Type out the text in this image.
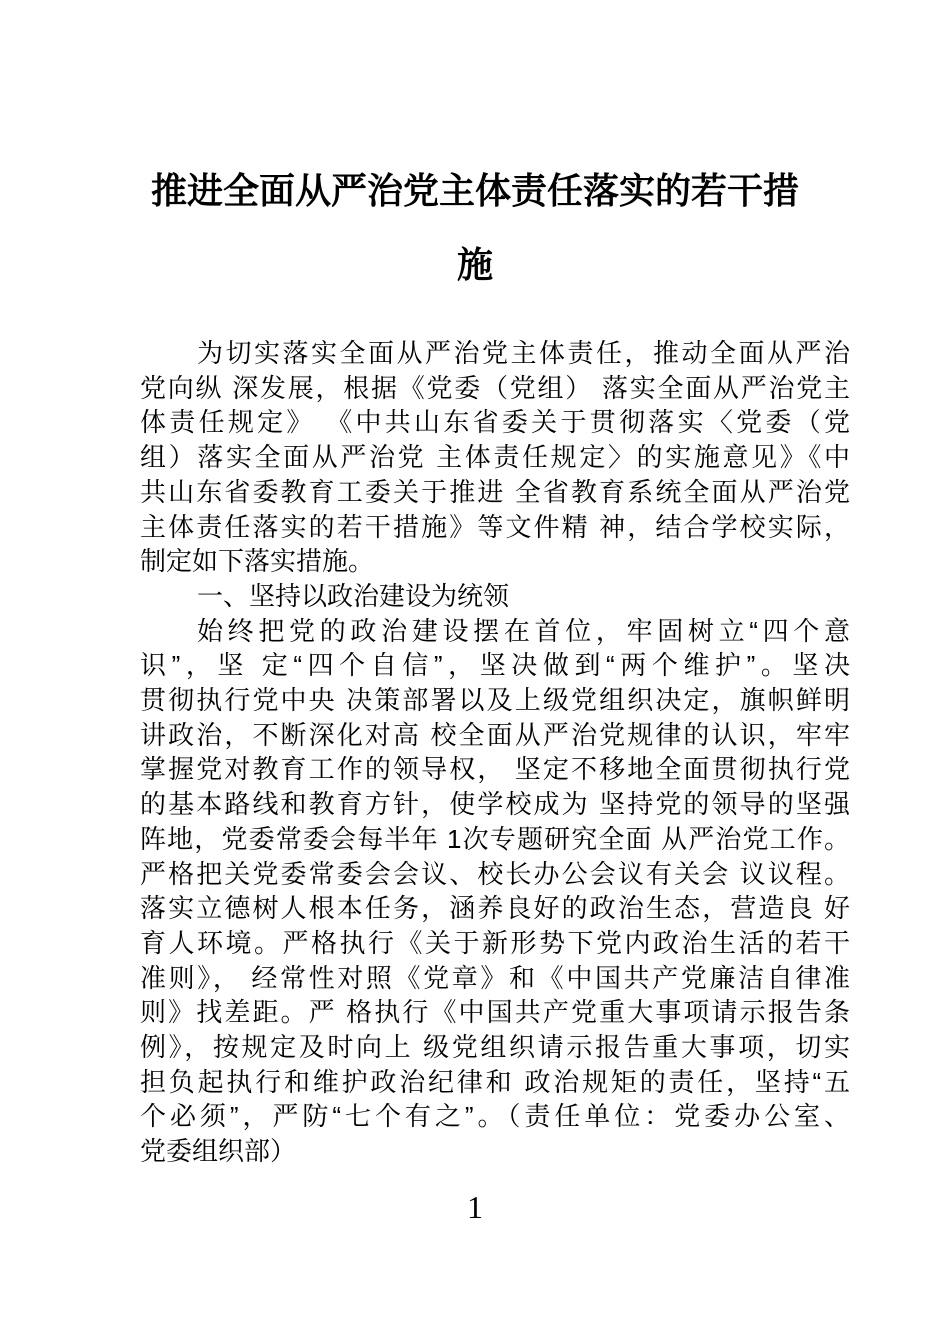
推进全面从严治党主体责任落实的若干措
施
为切实落实全面从严治党主体责任，推动全面从严治
党向纵 深发展，根据《党委（党组） 落实全面从严治党主
体责任规定》 《中共山东省委关于贯彻落实〈党委（党
组）落实全面从严治党 主体责任规定〉的实施意见》《中
共山东省委教育工委关于推进 全省教育系统全面从严治党
主体责任落实的若干措施》等文件精 神，结合学校实际，
制定如下落实措施。
一、坚持以政治建设为统领
始终把党的政治建设摆在首位，牢固树立“四个意
识”，坚 定“四个自信”，坚决做到“两个维护”。坚决
贯彻执行党中央 决策部署以及上级党组织决定，旗帜鲜明
讲政治，不断深化对高 校全面从严治党规律的认识，牢牢
掌握党对教育工作的领导权， 坚定不移地全面贯彻执行党
的基本路线和教育方针，使学校成为 坚持党的领导的坚强
阵地，党委常委会每半年 1次专题研究全面 从严治党工作。
严格把关党委常委会会议、校长办公会议有关会 议议程。
落实立德树人根本任务，涵养良好的政治生态，营造良 好
育人环境。严格执行《关于新形势下党内政治生活的若干
准则》， 经常性对照《党章》和《中国共产党廉洁自律准
则》找差距。严 格执行《中国共产党重大事项请示报告条
例》，按规定及时向上 级党组织请示报告重大事项，切实
担负起执行和维护政治纪律和 政治规矩的责任，坚持“五
个必须”，严防“七个有之”。（责任单位：党委办公室、
党委组织部）
1
